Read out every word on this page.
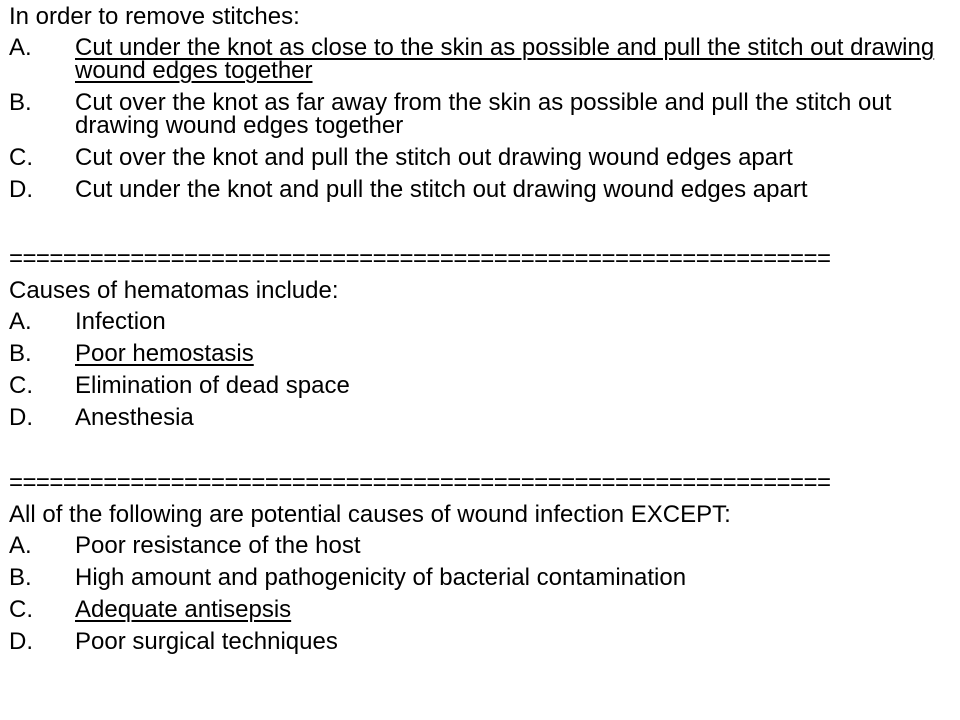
In order to remove stitches:
A.	Cut under the knot as close to the skin as possible and pull the stitch out drawing wound edges together
B.	Cut over the knot as far away from the skin as possible and pull the stitch out drawing wound edges together
C.	Cut over the knot and pull the stitch out drawing wound edges apart
D.	Cut under the knot and pull the stitch out drawing wound edges apart
=============================================================
Causes of hematomas include:
A.	Infection
B.	Poor hemostasis
C.	Elimination of dead space
D.	Anesthesia
=============================================================
All of the following are potential causes of wound infection EXCEPT:
A.	Poor resistance of the host
B.	High amount and pathogenicity of bacterial contamination
C.	Adequate antisepsis
D.	Poor surgical techniques
